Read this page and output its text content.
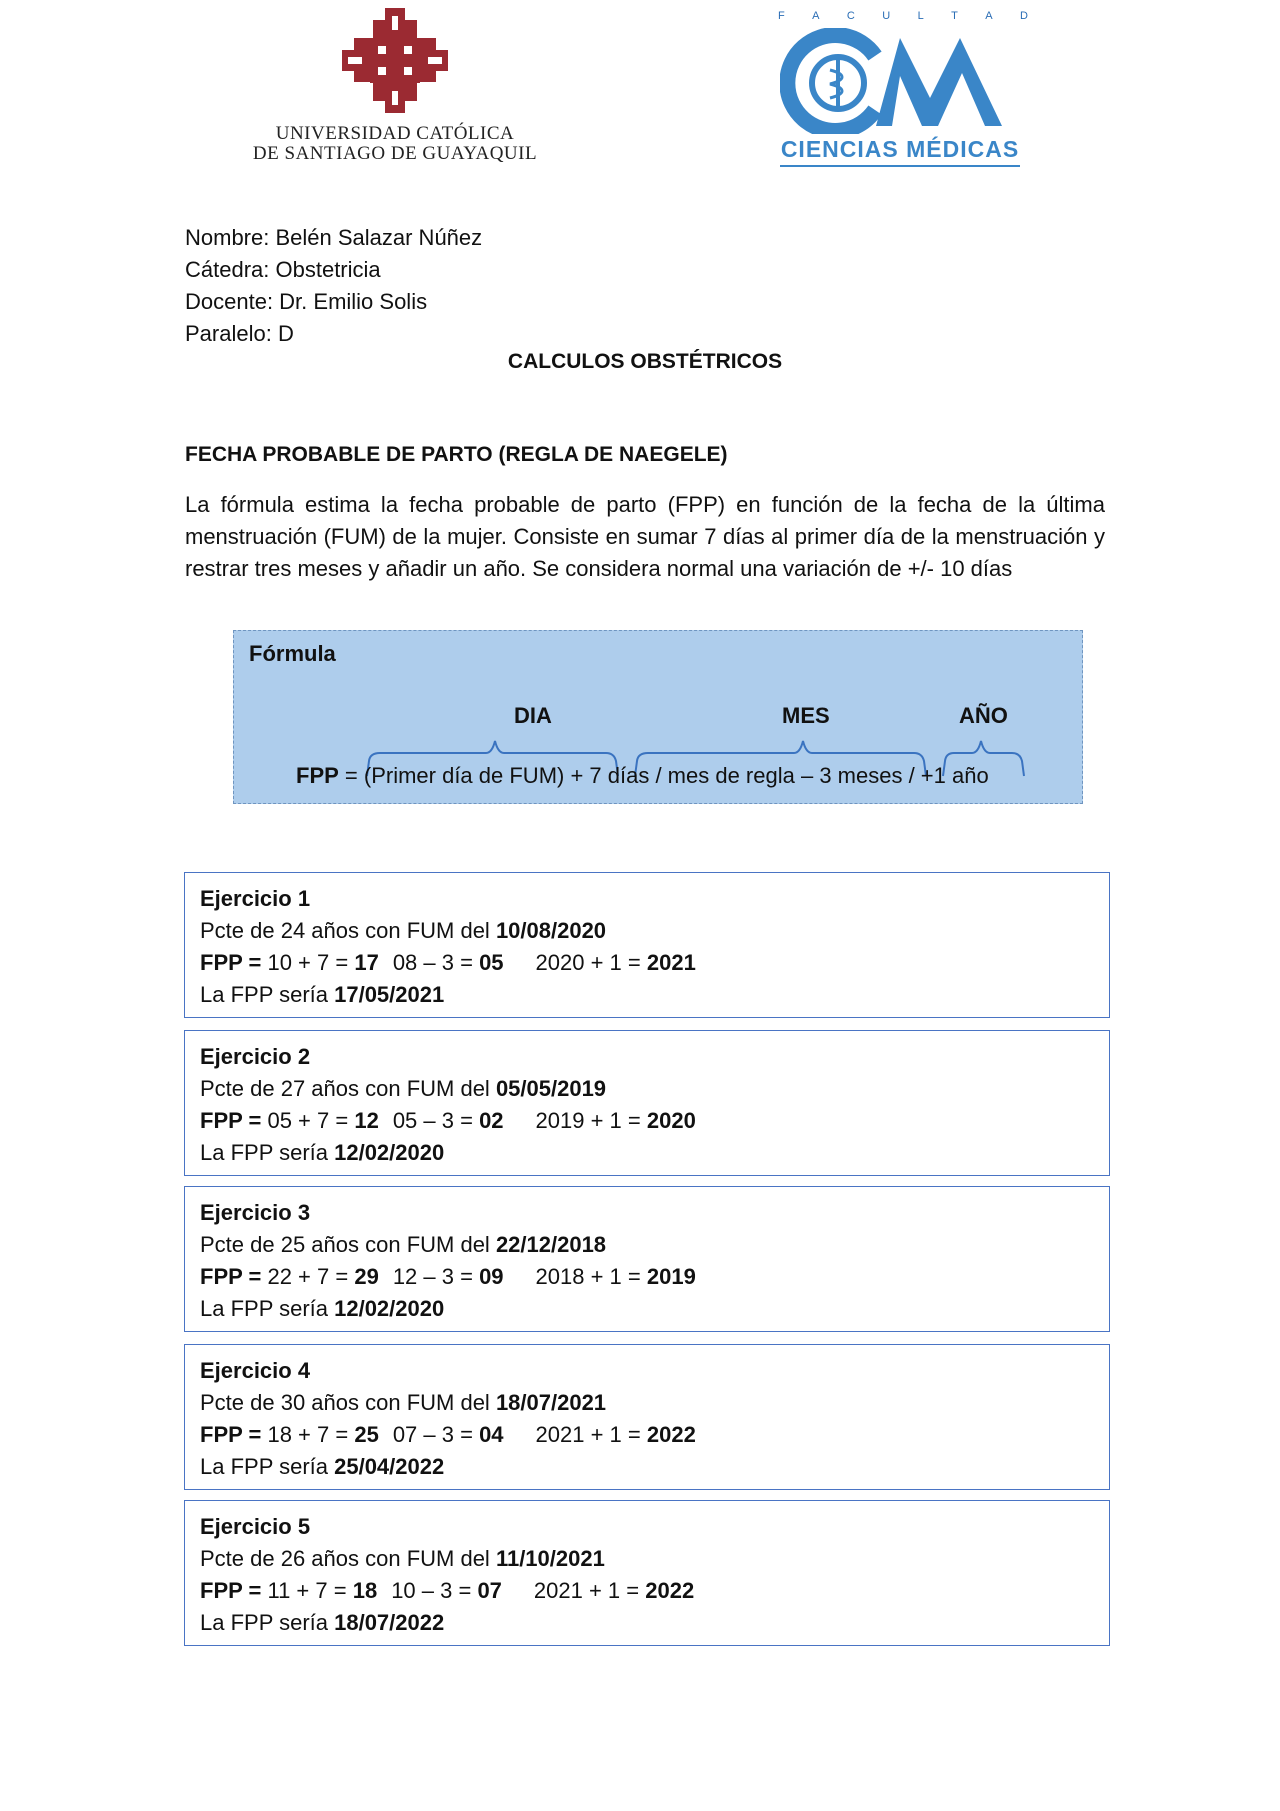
UNIVERSIDAD CATÓLICA
DE SANTIAGO DE GUAYAQUIL
F A C U L T A D
CIENCIAS MÉDICAS
Nombre: Belén Salazar Núñez
Cátedra: Obstetricia
Docente: Dr. Emilio Solis
Paralelo: D
CALCULOS OBSTÉTRICOS
FECHA PROBABLE DE PARTO (REGLA DE NAEGELE)
La fórmula estima la fecha probable de parto (FPP) en función de la fecha de la última menstruación (FUM) de la mujer. Consiste en sumar 7 días al primer día de la menstruación y restrar tres meses y añadir un año. Se considera normal una variación de +/- 10 días
Fórmula
DIA	MES	AÑO
FPP = (Primer día de FUM) + 7 días / mes de regla – 3 meses / +1 año
Ejercicio 1
Pcte de 24 años con FUM del 10/08/2020
FPP = 10 + 7 = 17 08 – 3 = 05 2020 + 1 = 2021
La FPP sería 17/05/2021
Ejercicio 2
Pcte de 27 años con FUM del 05/05/2019
FPP = 05 + 7 = 12 05 – 3 = 02 2019 + 1 = 2020
La FPP sería 12/02/2020
Ejercicio 3
Pcte de 25 años con FUM del 22/12/2018
FPP = 22 + 7 = 29 12 – 3 = 09 2018 + 1 = 2019
La FPP sería 12/02/2020
Ejercicio 4
Pcte de 30 años con FUM del 18/07/2021
FPP = 18 + 7 = 25 07 – 3 = 04 2021 + 1 = 2022
La FPP sería 25/04/2022
Ejercicio 5
Pcte de 26 años con FUM del 11/10/2021
FPP = 11 + 7 = 18 10 – 3 = 07 2021 + 1 = 2022
La FPP sería 18/07/2022
